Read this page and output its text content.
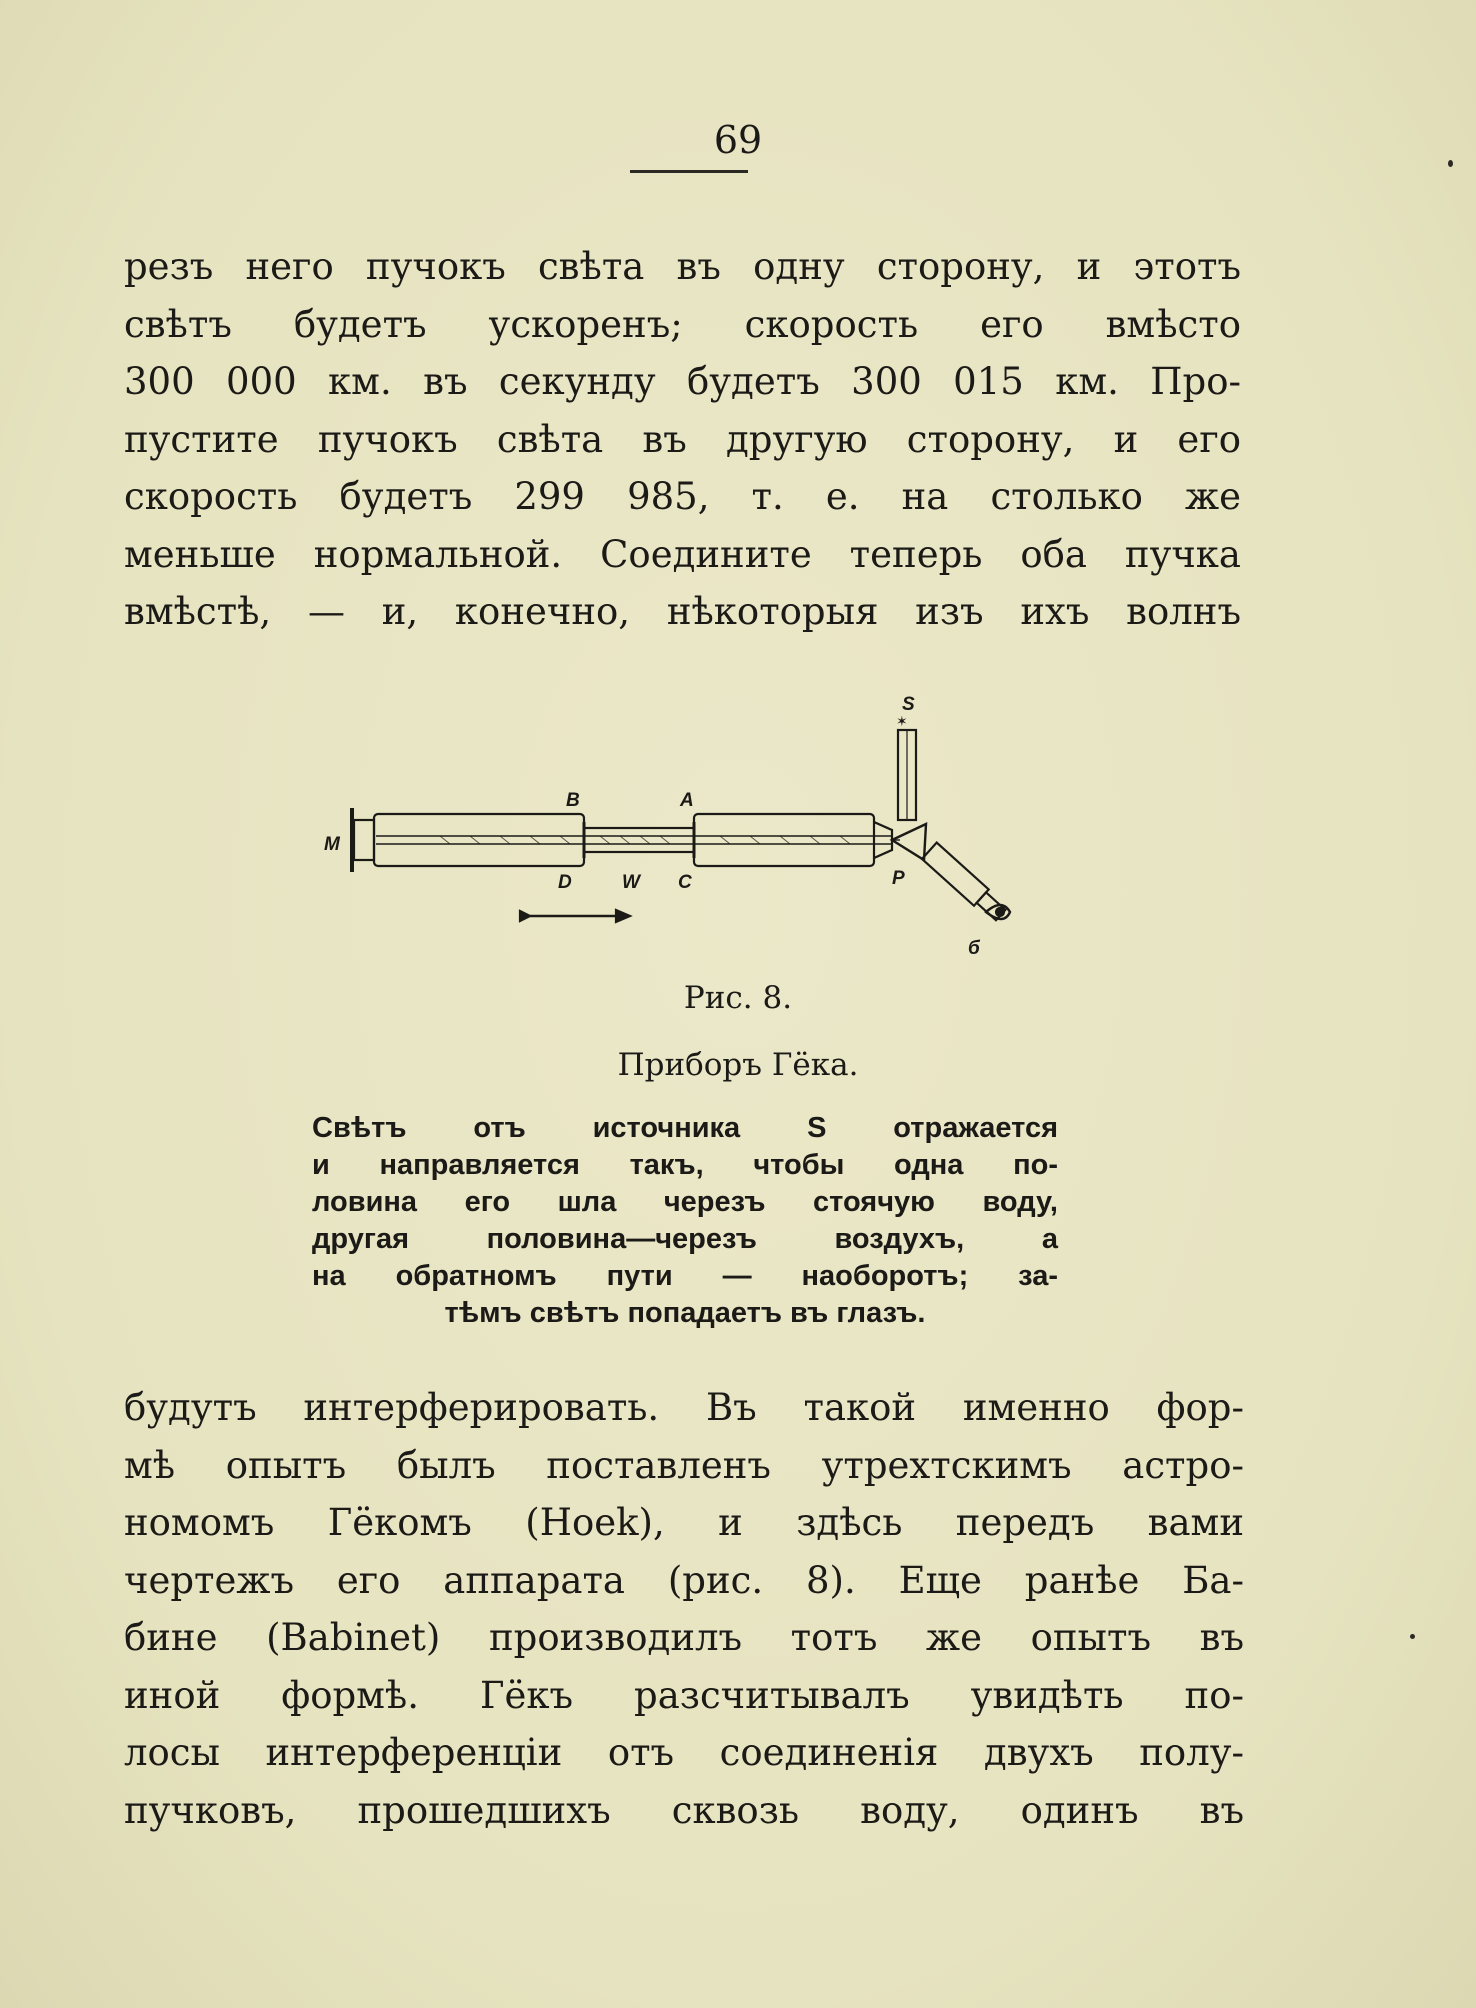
69
резъ него пучокъ свѣта въ одну сторону, и этотъ
свѣтъ будетъ ускоренъ; скорость его вмѣсто
300 000 км. въ секунду будетъ 300 015 км. Про-
пустите пучокъ свѣта въ другую сторону, и его
скорость будетъ 299 985, т. е. на столько же
меньше нормальной. Соедините теперь оба пучка
вмѣстѣ, — и, конечно, нѣкоторыя изъ ихъ волнъ
S
✶
M
B	A
D	W C	P
б
Рис. 8.
Приборъ Гёка.
Свѣтъ отъ источника S отражается
и направляется такъ, чтобы одна по-
ловина его шла черезъ стоячую воду,
другая половина—черезъ воздухъ, а
на обратномъ пути — наоборотъ; за-
тѣмъ свѣтъ попадаетъ въ глазъ.
будутъ интерферировать. Въ такой именно фор-
мѣ опытъ былъ поставленъ утрехтскимъ астро-
номомъ Гёкомъ (Hoek), и здѣсь передъ вами
чертежъ его аппарата (рис. 8). Еще ранѣе Ба-
бине (Babinet) производилъ тотъ же опытъ въ
иной формѣ. Гёкъ разсчитывалъ увидѣть по-
лосы интерференціи отъ соединенія двухъ полу-
пучковъ, прошедшихъ сквозь воду, одинъ въ
